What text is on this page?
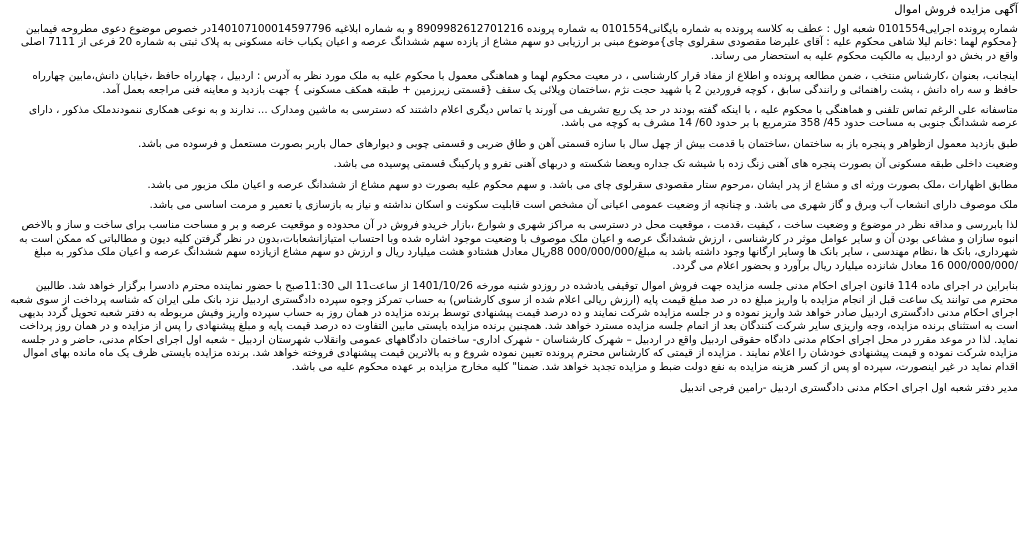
آگهی مزایده فروش اموال

شماره پرونده اجرایی0101554 شعبه اول : عطف به کلاسه پرونده به شماره بایگانی0101554 به شماره پرونده 8909982612701216 و به شماره ابلاغیه 140107100014597796در خصوص موضوع دعوی مطروحه فیمابین {محکوم لهما :خانم لیلا شاهی محکوم علیه : آقای علیرضا مقصودی سقرلوی چای}موضوع مبنی بر ارزیابی دو سهم مشاع از یازده سهم ششدانگ عرصه و اعیان یکباب خانه مسکونی به پلاک ثبتی به شماره 20 فرعی از 7111 اصلی واقع در بخش دو اردبیل به مالکیت محکوم علیه به استحضار می رساند.

اینجانب، بعنوان ،کارشناس منتخب ، ضمن مطالعه پرونده و اطلاع از مفاد قرار کارشناسی ، در معیت محکوم لهما و هماهنگی معمول با محکوم علیه به ملک مورد نظر به آدرس : اردبیل ، چهارراه حافظ ،خیابان دانش،مابین چهارراه حافظ و سه راه دانش ، پشت راهنمائی و رانندگی سابق ، کوچه فروردین 2 یا شهید حجت نژم ،ساختمان ویلائی یک سقف {قسمتی زیرزمین + طبقه همکف مسکونی } جهت بازدید و معاینه فنی مراجعه بعمل آمد.

متاسفانه علی الرغم تماس تلفنی و هماهنگی با محکوم علیه ، با اینکه گفته بودند در حد یک ربع تشریف می آورند یا تماس دیگری اعلام داشتند که دسترسی به ماشین ومدارک ... ندارند و به نوعی همکاری ننمودندملک مذکور ، دارای عرصه ششدانگ جنوبی به مساحت حدود 45/ 358 مترمربع با بر حدود 60/ 14 مشرف به کوچه می باشد.

طبق بازدید معمول ازظواهر و پنجره باز به ساختمان ،ساختمان با قدمت بیش از چهل سال با سازه قسمتی آهن و طاق ضربی و قسمتی چوبی و دیوارهای حمال باربر بصورت مستعمل و فرسوده می باشد.

وضعیت داخلی طبقه مسکونی آن بصورت پنجره های آهنی زنگ زده با شیشه تک جداره وبعضا شکسته و دربهای آهنی تفرو و پارکینگ قسمتی پوسیده می باشد.

مطابق اظهارات ،ملک بصورت ورثه ای و مشاع از پدر ایشان ،مرحوم ستار مقصودی سقرلوی چای می باشد. و سهم محکوم علیه بصورت دو سهم مشاع از ششدانگ عرصه و اعیان ملک مزبور می باشد.

ملک موصوف دارای انشعاب آب وبرق و گاز شهری می باشد. و چنانچه از وضعیت عمومی اعیانی آن مشخص است قابلیت سکونت و اسکان نداشته و نیاز به بازسازی یا تعمیر و مرمت اساسی می باشد.

لذا بابررسی و مداقه نظر در موضوع و وضعیت ساخت ، کیفیت ،قدمت ، موقعیت محل در دسترسی به مراکز شهری و شوارع ،بازار خریدو فروش در آن محدوده و موقعیت عرصه و بر و مساحت مناسب برای ساخت و ساز و بالاخص انبوه سازان و مشاعی بودن آن و سایر عوامل موثر در کارشناسی ، ارزش ششدانگ عرصه و اعیان ملک موصوف با وضعیت موجود اشاره شده وبا احتساب امتیازانشعابات،بدون در نظر گرفتن کلیه دیون و مطالباتی که ممکن است به شهرداری، بانک ها ،نظام مهندسی ، سایر بانک ها وسایر ارگانها وجود داشته باشد به مبلغ/000/000/000 88ریال معادل هشتادو هشت میلیارد ریال و ارزش دو سهم مشاع ازیازده سهم ششدانگ عرصه و اعیان ملک مذکور به مبلغ /000/000/000 16 معادل شانزده میلیارد ریال برآورد و بحضور اعلام می گردد.

بنابراین در اجرای ماده 114 قانون اجرای احکام مدنی جلسه مزایده جهت فروش اموال توقیفی یادشده در روزدو شنبه مورخه 1401/10/26 از ساعت11 الی 11:30صبح با حضور نماینده محترم دادسرا برگزار خواهد شد. طالبین محترم می توانند یک ساعت قبل از انجام مزایده با واریز مبلغ ده در صد مبلغ قیمت پایه (ارزش ریالی اعلام شده از سوی کارشناس) به حساب تمرکز وجوه سپرده دادگستری اردبیل نزد بانک ملی ایران که شناسه پرداخت از سوی شعبه اجرای احکام مدنی دادگستری اردبیل صادر خواهد شد واریز نموده و در جلسه مزایده شرکت نمایند و ده درصد قیمت پیشنهادی توسط برنده مزایده در همان روز به حساب سپرده واریز وفیش مربوطه به دفتر شعبه تحویل گردد بدیهی است به استثنای برنده مزایده، وجه واریزی سایر شرکت کنندگان بعد از اتمام جلسه مزایده مسترد خواهد شد. همچنین برنده مزایده بایستی مابین التفاوت ده درصد قیمت پایه و مبلغ پیشنهادی را پس از مزایده و در همان روز پرداخت نماید. لذا در موعد مقرر در محل اجرای احکام مدنی دادگاه حقوقی اردبیل واقع در اردبیل – شهرک کارشناسان - شهرک اداری- ساختمان دادگاههای عمومی وانقلاب شهرستان اردبیل - شعبه اول اجرای احکام مدنی، حاضر و در جلسه مزایده شرکت نموده و قیمت پیشنهادی خودشان را اعلام نمایند . مزایده از قیمتی که کارشناس محترم پرونده تعیین نموده شروع و به بالاترین قیمت پیشنهادی فروخته خواهد شد. برنده مزایده بایستی ظرف یک ماه مانده بهای اموال اقدام نماید در غیر اینصورت، سپرده او پس از کسر هزینه مزایده به نفع دولت ضبط و مزایده تجدید خواهد شد. ضمنا" کلیه مخارج مزایده بر عهده محکوم علیه می باشد.

مدیر دفتر شعبه اول اجرای احکام مدنی دادگستری اردبیل -رامین فرجی اندبیل
